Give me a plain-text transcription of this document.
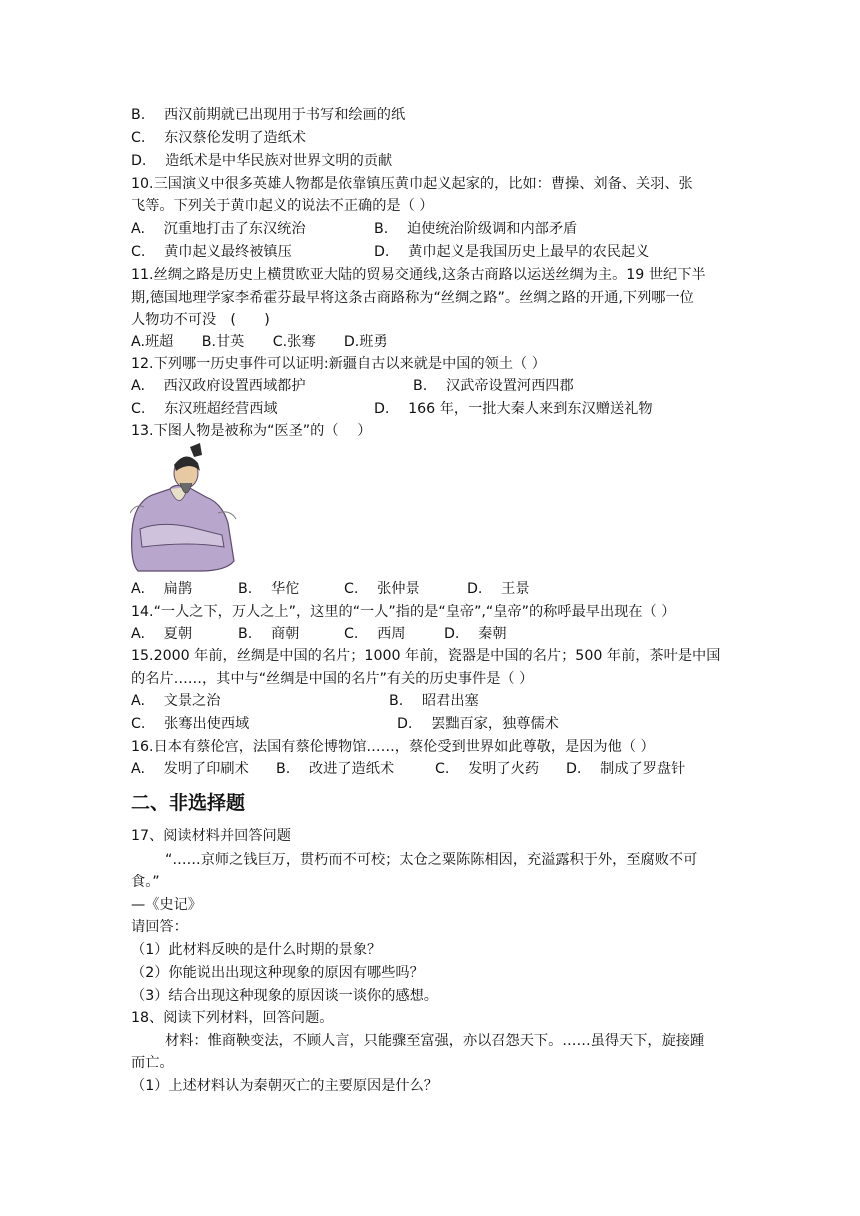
B.　 西汉前期就已出现用于书写和绘画的纸
C.　 东汉蔡伦发明了造纸术
D.　 造纸术是中华民族对世界文明的贡献
10.三国演义中很多英雄人物都是依靠镇压黄巾起义起家的，比如：曹操、刘备、关羽、张
飞等。下列关于黄巾起义的说法不正确的是（ ）
A.　 沉重地打击了东汉统治	B.　 迫使统治阶级调和内部矛盾
C.　 黄巾起义最终被镇压	D.　 黄巾起义是我国历史上最早的农民起义
11.丝绸之路是历史上横贯欧亚大陆的贸易交通线,这条古商路以运送丝绸为主。19 世纪下半
期,德国地理学家李希霍芬最早将这条古商路称为“丝绸之路”。丝绸之路的开通,下列哪一位
人物功不可没　(　　)
A.班超　　B.甘英　　C.张骞　　D.班勇
12.下列哪一历史事件可以证明:新疆自古以来就是中国的领土（ ）
A.　 西汉政府设置西域都护	B.　 汉武帝设置河西四郡
C.　 东汉班超经营西域	D.　 166 年，一批大秦人来到东汉赠送礼物
13.下图人物是被称为“医圣”的（　 ）
A.　 扁鹊	B.　 华佗	C.　 张仲景	D.　 王景
14.“一人之下，万人之上”，这里的“一人”指的是“皇帝”,“皇帝”的称呼最早出现在（ ）
A.　 夏朝	B.　 商朝	C.　 西周	D.　 秦朝
15.2000 年前，丝绸是中国的名片；1000 年前，瓷器是中国的名片；500 年前，茶叶是中国
的名片……，其中与“丝绸是中国的名片”有关的历史事件是（ ）
A.　 文景之治	B.　 昭君出塞
C.　 张骞出使西域	D.　 罢黜百家，独尊儒术
16.日本有蔡伦宫，法国有蔡伦博物馆……，蔡伦受到世界如此尊敬，是因为他（ ）
A.　 发明了印刷术 B.　 改进了造纸术	C.　 发明了火药 D.　 制成了罗盘针
二、非选择题
17、阅读材料并回答问题
“……京师之钱巨万，贯朽而不可校；太仓之粟陈陈相因，充溢露积于外，至腐败不可
食。”
—《史记》
请回答：
（1）此材料反映的是什么时期的景象？
（2）你能说出出现这种现象的原因有哪些吗？
（3）结合出现这种现象的原因谈一谈你的感想。
18、阅读下列材料，回答问题。
材料：惟商鞅变法，不顾人言，只能骤至富强，亦以召怨天下。……虽得天下，旋接踵
而亡。
（1）上述材料认为秦朝灭亡的主要原因是什么？
